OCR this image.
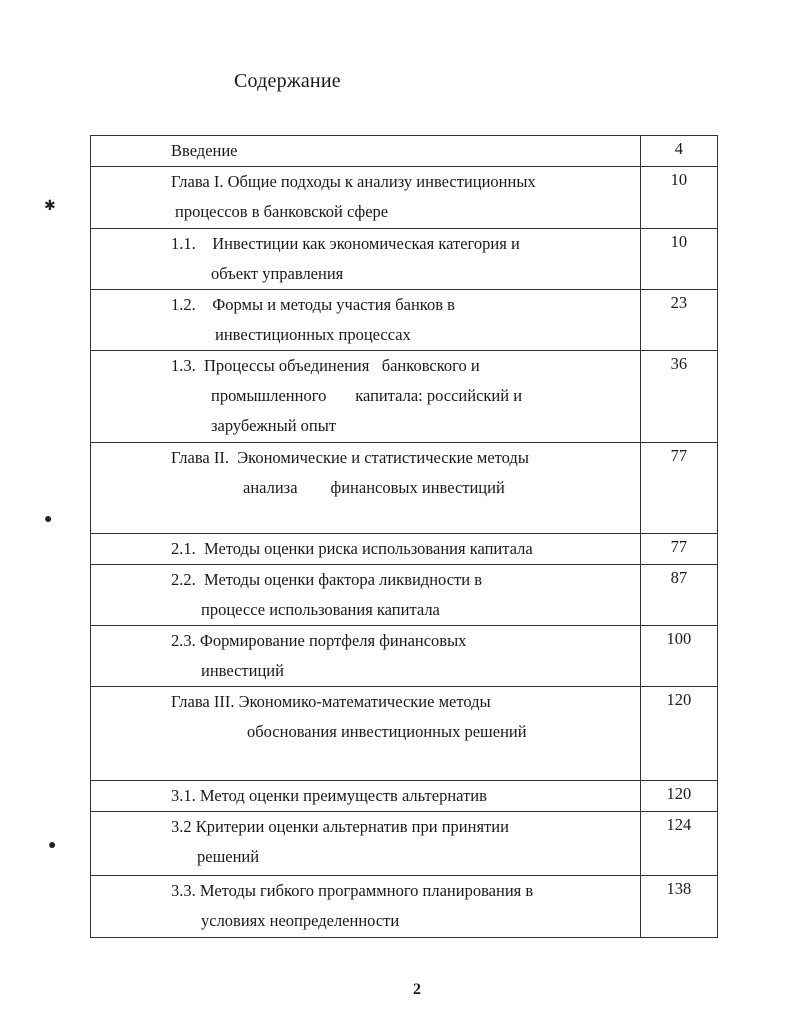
Содержание
Введение	4

Глава I. Общие подходы к анализу инвестиционных
процессов в банковской сфере	10

1.1.    Инвестиции как экономическая категория и
объект управления	10

1.2.    Формы и методы участия банков в
инвестиционных процессах	23

1.3.  Процессы объединения   банковского и
промышленного       капитала: российский и
зарубежный опыт	36

Глава II.  Экономические и статистические методы
анализа        финансовых инвестиций	77

2.1.  Методы оценки риска использования капитала	77

2.2.  Методы оценки фактора ликвидности в
процессе использования капитала	87

2.3. Формирование портфеля финансовых
инвестиций	100

Глава III. Экономико-математические методы
обоснования инвестиционных решений	120

3.1. Метод оценки преимуществ альтернатив	120

3.2 Критерии оценки альтернатив при принятии
решений	124

3.3. Методы гибкого программного планирования в
условиях неопределенности	138
2
✱
●
●
